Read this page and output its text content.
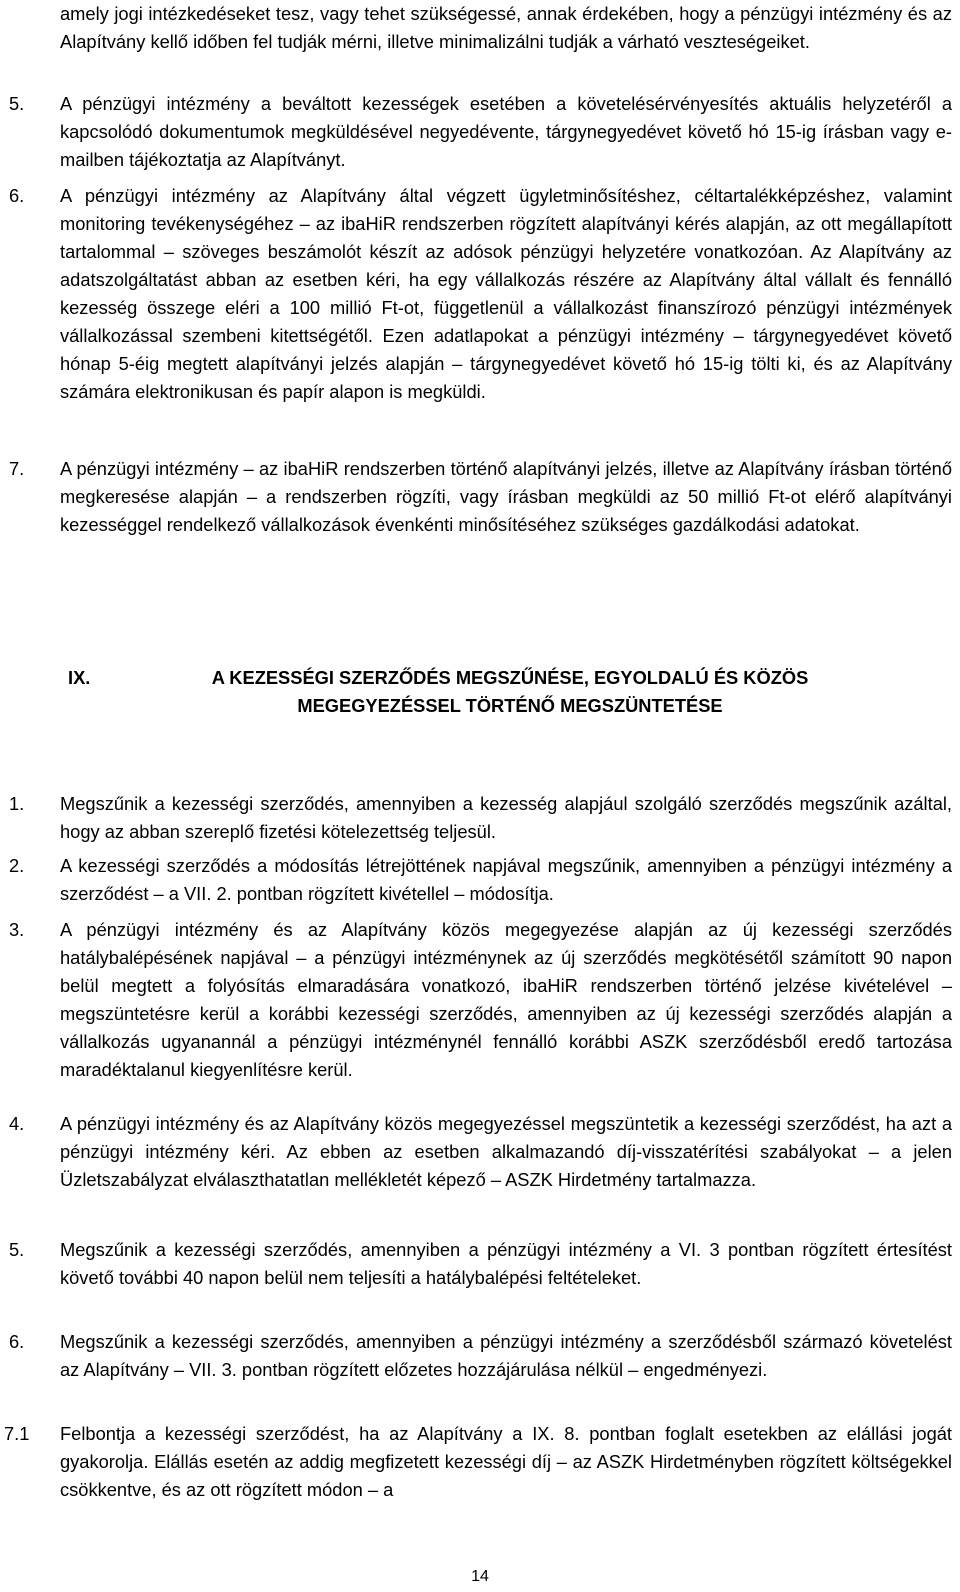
amely jogi intézkedéseket tesz, vagy tehet szükségessé, annak érdekében, hogy a pénzügyi intézmény és az Alapítvány kellő időben fel tudják mérni, illetve minimalizálni tudják a várható veszteségeiket.
5. A pénzügyi intézmény a beváltott kezességek esetében a követelésérvényesítés aktuális helyzetéről a kapcsolódó dokumentumok megküldésével negyedévente, tárgynegyedévet követő hó 15-ig írásban vagy e-mailben tájékoztatja az Alapítványt.
6. A pénzügyi intézmény az Alapítvány által végzett ügyletminősítéshez, céltartalékképzéshez, valamint monitoring tevékenységéhez – az ibaHiR rendszerben rögzített alapítványi kérés alapján, az ott megállapított tartalommal – szöveges beszámolót készít az adósok pénzügyi helyzetére vonatkozóan. Az Alapítvány az adatszolgáltatást abban az esetben kéri, ha egy vállalkozás részére az Alapítvány által vállalt és fennálló kezesség összege eléri a 100 millió Ft-ot, függetlenül a vállalkozást finanszírozó pénzügyi intézmények vállalkozással szembeni kitettségétől. Ezen adatlapokat a pénzügyi intézmény – tárgynegyedévet követő hónap 5-éig megtett alapítványi jelzés alapján – tárgynegyedévet követő hó 15-ig tölti ki, és az Alapítvány számára elektronikusan és papír alapon is megküldi.
7. A pénzügyi intézmény – az ibaHiR rendszerben történő alapítványi jelzés, illetve az Alapítvány írásban történő megkeresése alapján – a rendszerben rögzíti, vagy írásban megküldi az 50 millió Ft-ot elérő alapítványi kezességgel rendelkező vállalkozások évenkénti minősítéséhez szükséges gazdálkodási adatokat.
IX.	A KEZESSÉGI SZERZŐDÉS MEGSZŰNÉSE, EGYOLDALÚ ÉS KÖZÖS MEGEGYEZÉSSEL TÖRTÉNŐ MEGSZÜNTETÉSE
1. Megszűnik a kezességi szerződés, amennyiben a kezesség alapjául szolgáló szerződés megszűnik azáltal, hogy az abban szereplő fizetési kötelezettség teljesül.
2. A kezességi szerződés a módosítás létrejöttének napjával megszűnik, amennyiben a pénzügyi intézmény a szerződést – a VII. 2. pontban rögzített kivétellel – módosítja.
3. A pénzügyi intézmény és az Alapítvány közös megegyezése alapján az új kezességi szerződés hatálybalépésének napjával – a pénzügyi intézménynek az új szerződés megkötésétől számított 90 napon belül megtett a folyósítás elmaradására vonatkozó, ibaHiR rendszerben történő jelzése kivételével – megszüntetésre kerül a korábbi kezességi szerződés, amennyiben az új kezességi szerződés alapján a vállalkozás ugyanannál a pénzügyi intézménynél fennálló korábbi ASZK szerződésből eredő tartozása maradéktalanul kiegyenlítésre kerül.
4. A pénzügyi intézmény és az Alapítvány közös megegyezéssel megszüntetik a kezességi szerződést, ha azt a pénzügyi intézmény kéri. Az ebben az esetben alkalmazandó díj-visszatérítési szabályokat – a jelen Üzletszabályzat elválaszthatatlan mellékletét képező – ASZK Hirdetmény tartalmazza.
5. Megszűnik a kezességi szerződés, amennyiben a pénzügyi intézmény a VI. 3 pontban rögzített értesítést követő további 40 napon belül nem teljesíti a hatálybalépési feltételeket.
6. Megszűnik a kezességi szerződés, amennyiben a pénzügyi intézmény a szerződésből származó követelést az Alapítvány – VII. 3. pontban rögzített előzetes hozzájárulása nélkül – engedményezi.
7.1 Felbontja a kezességi szerződést, ha az Alapítvány a IX. 8. pontban foglalt esetekben az elállási jogát gyakorolja. Elállás esetén az addig megfizetett kezességi díj – az ASZK Hirdetményben rögzített költségekkel csökkentve, és az ott rögzített módon – a
14
